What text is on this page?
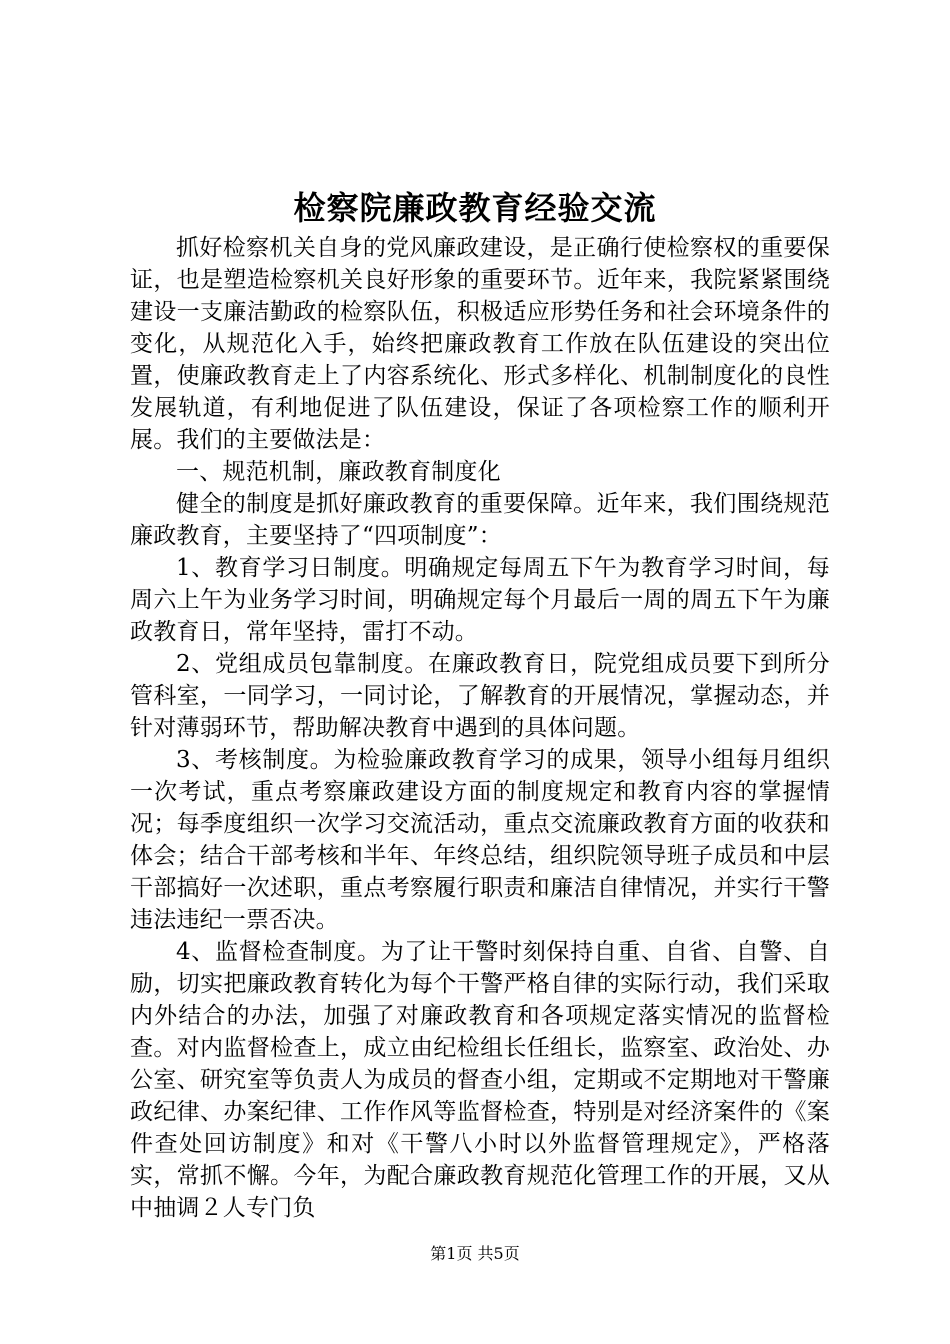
检察院廉政教育经验交流

抓好检察机关自身的党风廉政建设，是正确行使检察权的重要保证，也是塑造检察机关良好形象的重要环节。近年来，我院紧紧围绕建设一支廉洁勤政的检察队伍，积极适应形势任务和社会环境条件的变化，从规范化入手，始终把廉政教育工作放在队伍建设的突出位置，使廉政教育走上了内容系统化、形式多样化、机制制度化的良性发展轨道，有利地促进了队伍建设，保证了各项检察工作的顺利开展。我们的主要做法是：

一、规范机制，廉政教育制度化

健全的制度是抓好廉政教育的重要保障。近年来，我们围绕规范廉政教育，主要坚持了“四项制度”：

1、教育学习日制度。明确规定每周五下午为教育学习时间，每周六上午为业务学习时间，明确规定每个月最后一周的周五下午为廉政教育日，常年坚持，雷打不动。

2、党组成员包靠制度。在廉政教育日，院党组成员要下到所分管科室，一同学习，一同讨论，了解教育的开展情况，掌握动态，并针对薄弱环节，帮助解决教育中遇到的具体问题。

3、考核制度。为检验廉政教育学习的成果，领导小组每月组织一次考试，重点考察廉政建设方面的制度规定和教育内容的掌握情况；每季度组织一次学习交流活动，重点交流廉政教育方面的收获和体会；结合干部考核和半年、年终总结，组织院领导班子成员和中层干部搞好一次述职，重点考察履行职责和廉洁自律情况，并实行干警违法违纪一票否决。

4、监督检查制度。为了让干警时刻保持自重、自省、自警、自励，切实把廉政教育转化为每个干警严格自律的实际行动，我们采取内外结合的办法，加强了对廉政教育和各项规定落实情况的监督检查。对内监督检查上，成立由纪检组长任组长，监察室、政治处、办公室、研究室等负责人为成员的督查小组，定期或不定期地对干警廉政纪律、办案纪律、工作作风等监督检查，特别是对经济案件的《案件查处回访制度》和对《干警八小时以外监督管理规定》，严格落实，常抓不懈。今年，为配合廉政教育规范化管理工作的开展，又从中抽调２人专门负

第1页 共5页
